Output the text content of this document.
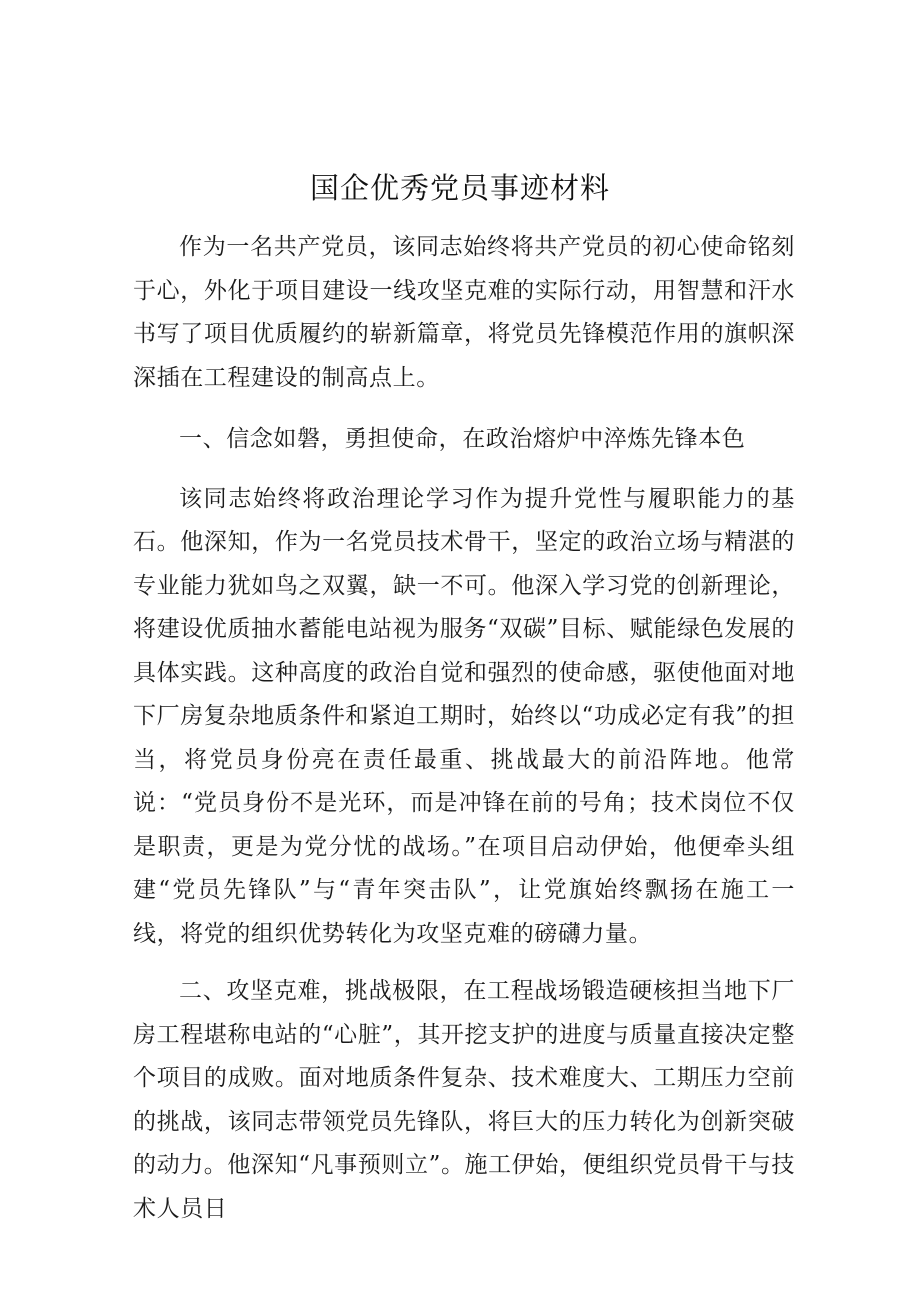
国企优秀党员事迹材料

作为一名共产党员，该同志始终将共产党员的初心使命铭刻于心，外化于项目建设一线攻坚克难的实际行动，用智慧和汗水书写了项目优质履约的崭新篇章，将党员先锋模范作用的旗帜深深插在工程建设的制高点上。

一、信念如磐，勇担使命，在政治熔炉中淬炼先锋本色

该同志始终将政治理论学习作为提升党性与履职能力的基石。他深知，作为一名党员技术骨干，坚定的政治立场与精湛的专业能力犹如鸟之双翼，缺一不可。他深入学习党的创新理论，将建设优质抽水蓄能电站视为服务“双碳”目标、赋能绿色发展的具体实践。这种高度的政治自觉和强烈的使命感，驱使他面对地下厂房复杂地质条件和紧迫工期时，始终以“功成必定有我”的担当，将党员身份亮在责任最重、挑战最大的前沿阵地。他常说：“党员身份不是光环，而是冲锋在前的号角；技术岗位不仅是职责，更是为党分忧的战场。”在项目启动伊始，他便牵头组建“党员先锋队”与“青年突击队”，让党旗始终飘扬在施工一线，将党的组织优势转化为攻坚克难的磅礴力量。

二、攻坚克难，挑战极限，在工程战场锻造硬核担当地下厂房工程堪称电站的“心脏”，其开挖支护的进度与质量直接决定整个项目的成败。面对地质条件复杂、技术难度大、工期压力空前的挑战，该同志带领党员先锋队，将巨大的压力转化为创新突破的动力。他深知“凡事预则立”。施工伊始，便组织党员骨干与技术人员日
